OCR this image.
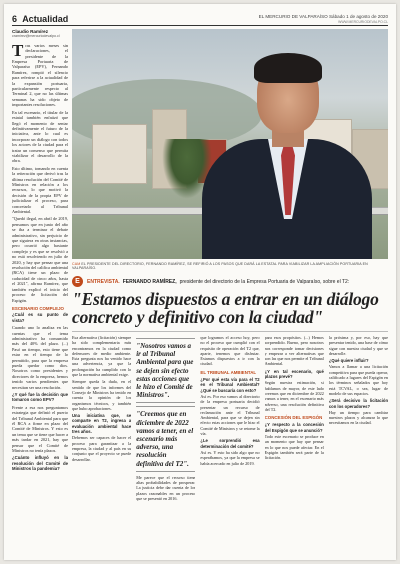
6 Actualidad	EL MERCURIO DE VALPARAÍSO Sábado 1 de agosto de 2020
WWW.MERCURIODEVALPO.CL
Claudio Ramírez
cramirez@mercuriodevalpo.cl

Tras varios meses sin declaraciones, el presidente de la Empresa Portuaria de Valparaíso (EPV), Fernando Ramírez, rompió el silencio para referirse a la actualidad de la expansión portuaria, particularmente respecto al Terminal 2, que no las últimas semanas ha sido objeto de importantes resoluciones.

En tal escenario, el titular de la estatal también enfatizó que llegó el momento de sentar definitivamente el futuro de la iniciativa, ante lo cual es incorporar un diálogo con todos los actores de la ciudad para el tratar un consenso que permita viabilizar el desarrollo de la obra.

Esto último, tomando en cuenta la reiteración que derivó tras la última resolución del Comité de Ministros en relación a los recursos, lo que motivó la decisión de la propia EPV de judicializar el proceso, para concretarlo al Tribunal Ambiental.

"Quedó ilegal, en abril de 2019, pensamos que en junio del año se iba a terminar el debate administrativo, sin perjuicio de que siguiera en otras instancias, pero ocurrió algo bastante complejo y es que se resolvió a no está resolviendo en julio de 2020, y hay que pensar que una resolución del califica ambiental (RCA) tiene un plazo de caducidad de cinco años, hasta el 2021", afirma Ramírez, que también explicó el inicio del proceso de licitación del Espigón.

ESCENARIO COMPLEJO

¿Cuál es su punto de vista?

Cuando uno lo analiza en las cuentas que el tema administrativo ha consumido más del 40% del plazo. (...) Pasó un tiempo, esto tiene que estar en el tiempo de lo permitido, para que la empresa pueda quedar como dios. Nosotros como presidentes y directores de la empresa, hemos tenido varios pendientes que necesitan ser una resolución.

¿Y qué fue la decisión que tomaron como EPV?

Frente a esa nos preguntamos estrategia que definió el puerto del Tribunal Ambiental para que él RCA a firme en plazo del Comité de Ministros. Y esto es un tema que se tiene que hacer a más tardar en 2021, hay que pensar que el Comité de Ministros no tenía plazos.

¿Cuánto influyó en la resolución del Comité de Ministros la pandemia?

CAM EL PRESIDENTE DEL DIRECTORIO, FERNANDO RAMÍREZ, SE REFIRIÓ A LOS PASOS QUE DARÁ LA ESTATAL PARA VIABILIZAR LA AMPLIACIÓN PORTUARIA EN VALPARAÍSO.
E	ENTREVISTA. FERNANDO RAMÍREZ, presidente del directorio de la Empresa Portuaria de Valparaíso, sobre el T2:
"Estamos dispuestos a entrar en un diálogo concreto y definitivo con la ciudad"

Esa alternativa (licitación) siempre ha sido complementaria más encontramos en la ciudad como defensores de medio ambiente. Esta pregunta nos ha venido hace una advertencia, ya que la prolongación ha cumplido con lo que la normativa ambiental exige.

Siempre queda la duda, en el sentido de que los informes del Consejo de Ministros ha tenido en cuenta la opinión de los organismos técnicos, y también que hubo aprobaciones.

Una iniciativa que, se comparte en T2, ingresa a evaluación ambiental hace tres años.

Debemos ser capaces de hacer el proceso para garantizar a la empresa, la ciudad y al país en su conjunto que el proyecto se puede desarrollar.

"Nosotros vamos a ir al Tribunal Ambiental para que se dejen sin efecto estas acciones que le hizo el Comité de Ministros".
"Creemos que en diciembre de 2022 vamos a tener, en el escenario más adverso, una resolución definitiva del T2".

Me parece que el recurso tiene altas probabilidades de prosperar. La justicia debe dar cuenta de los plazos razonables en un proceso que se presentó en 2016.

que logramos el acceso hoy, pero no el proceso que cumplió con el requisito de operación del T2 que, aparte, tenemos que disfrutar. Estamos dispuestos a ir con la ciudad.

EL TRIBUNAL AMBIENTAL
¿Por qué esta vía para el T2 en el Tribunal Ambiental? ¿Qué se buscaría con esto?

Así es. Por eso vamos al directorio de la empresa portuaria decidió presentar un recurso de reclamación ante el Tribunal Ambiental, para que se dejen sin efecto estas acciones que le hizo el Comité de Ministros y se retome la vía.

¿Le sorprendió esa determinación del comité?

Así es. Y esto ha sido algo que no esperábamos, ya que la empresa se había acercado en julio de 2019.

para esos propósitos. (...) Hemos sorprendido. Bueno, pero nosotros nos corresponde tomar decisiones y empezar a ver alternativas que son las que nos permite el Tribunal Ambiental.

¿Y en tal escenario, qué plazos prevé?

Según nuestra estimación, si hablamos de mayor, de este lado creemos que en diciembre de 2022 vamos a tener, en el escenario más adverso, una resolución definitiva del T2.

CONCESIÓN DEL ESPIGÓN
¿Y respecto a la concesión del Espigón que se anunció?

Todo este escenario se produce en un momento que hay que pensar en lo que nos puede afectar. En el Espigón también será parte de la licitación.

la próxima y, por eso, hay que presentar tenido, una base de cómo sigue con nuestra ciudad y que se desarrolle.

¿Qué quiere influir?

Vamos a llamar a una licitación competitiva para que pueda operar, calificado a lugares del Espigón en los términos señalados que hoy está TCVAL, o sea, lugar de modelo de sus espacios.

¿Será decisivo la licitación con los operadores?

Hay un tiempo para cambiar nuestros plazos y alcanzar lo que necesitamos en la ciudad.
